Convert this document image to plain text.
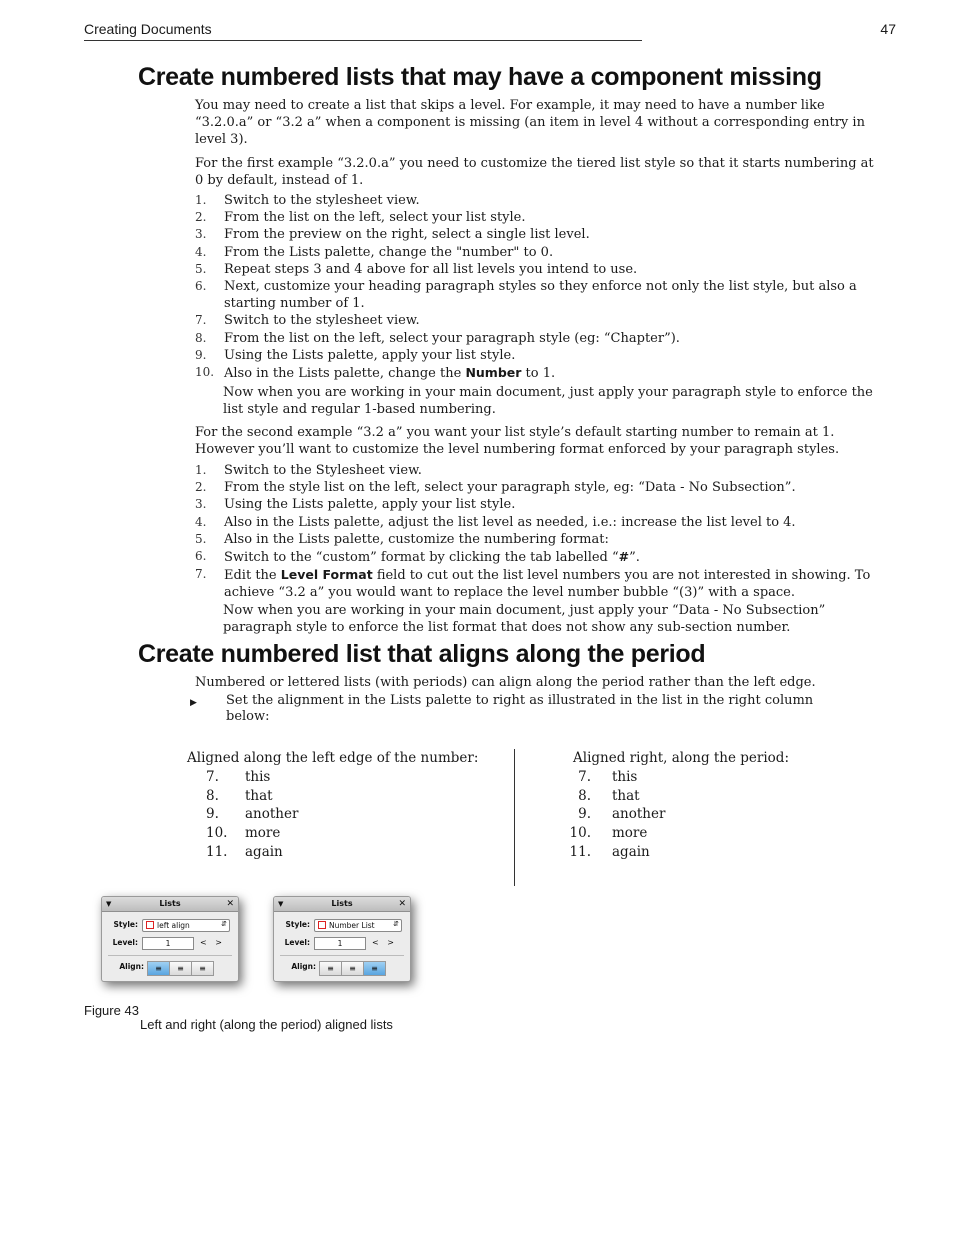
Creating Documents	47
Create numbered lists that may have a component missing

You may need to create a list that skips a level. For example, it may need to have a number like “3.2.0.a” or “3.2 a” when a component is missing (an item in level 4 without a corresponding entry in level 3).

For the first example “3.2.0.a” you need to customize the tiered list style so that it starts numbering at 0 by default, instead of 1.

1. Switch to the stylesheet view.
2. From the list on the left, select your list style.
3. From the preview on the right, select a single list level.
4. From the Lists palette, change the "number" to 0.
5. Repeat steps 3 and 4 above for all list levels you intend to use.
6. Next, customize your heading paragraph styles so they enforce not only the list style, but also a starting number of 1.
7. Switch to the stylesheet view.
8. From the list on the left, select your paragraph style (eg: “Chapter”).
9. Using the Lists palette, apply your list style.
10. Also in the Lists palette, change the Number to 1.

Now when you are working in your main document, just apply your paragraph style to enforce the list style and regular 1-based numbering.

For the second example “3.2 a” you want your list style’s default starting number to remain at 1. However you’ll want to customize the level numbering format enforced by your paragraph styles.

1. Switch to the Stylesheet view.
2. From the style list on the left, select your paragraph style, eg: “Data - No Subsection”.
3. Using the Lists palette, apply your list style.
4. Also in the Lists palette, adjust the list level as needed, i.e.: increase the list level to 4.
5. Also in the Lists palette, customize the numbering format:
6. Switch to the “custom” format by clicking the tab labelled “#”.
7. Edit the Level Format field to cut out the list level numbers you are not interested in showing. To achieve “3.2 a” you would want to replace the level number bubble “(3)” with a space.

Now when you are working in your main document, just apply your “Data - No Subsection” paragraph style to enforce the list format that does not show any sub-section number.

Create numbered list that aligns along the period

Numbered or lettered lists (with periods) can align along the period rather than the left edge.

▶	Set the alignment in the Lists palette to right as illustrated in the list in the right column below:
Aligned along the left edge of the number:
7. this
8. that
9. another
10. more
11. again
Aligned right, along the period:
7. this
8. that
9. another
10. more
11. again
▼	Lists	✕
Style:	left align	⇵
Level:	1	< >
Align:	≡	≡	≡
▼	Lists	✕
Style:	Number List	⇵
Level:	1	< >
Align:	≡	≡	≡
Figure 43
Left and right (along the period) aligned lists
